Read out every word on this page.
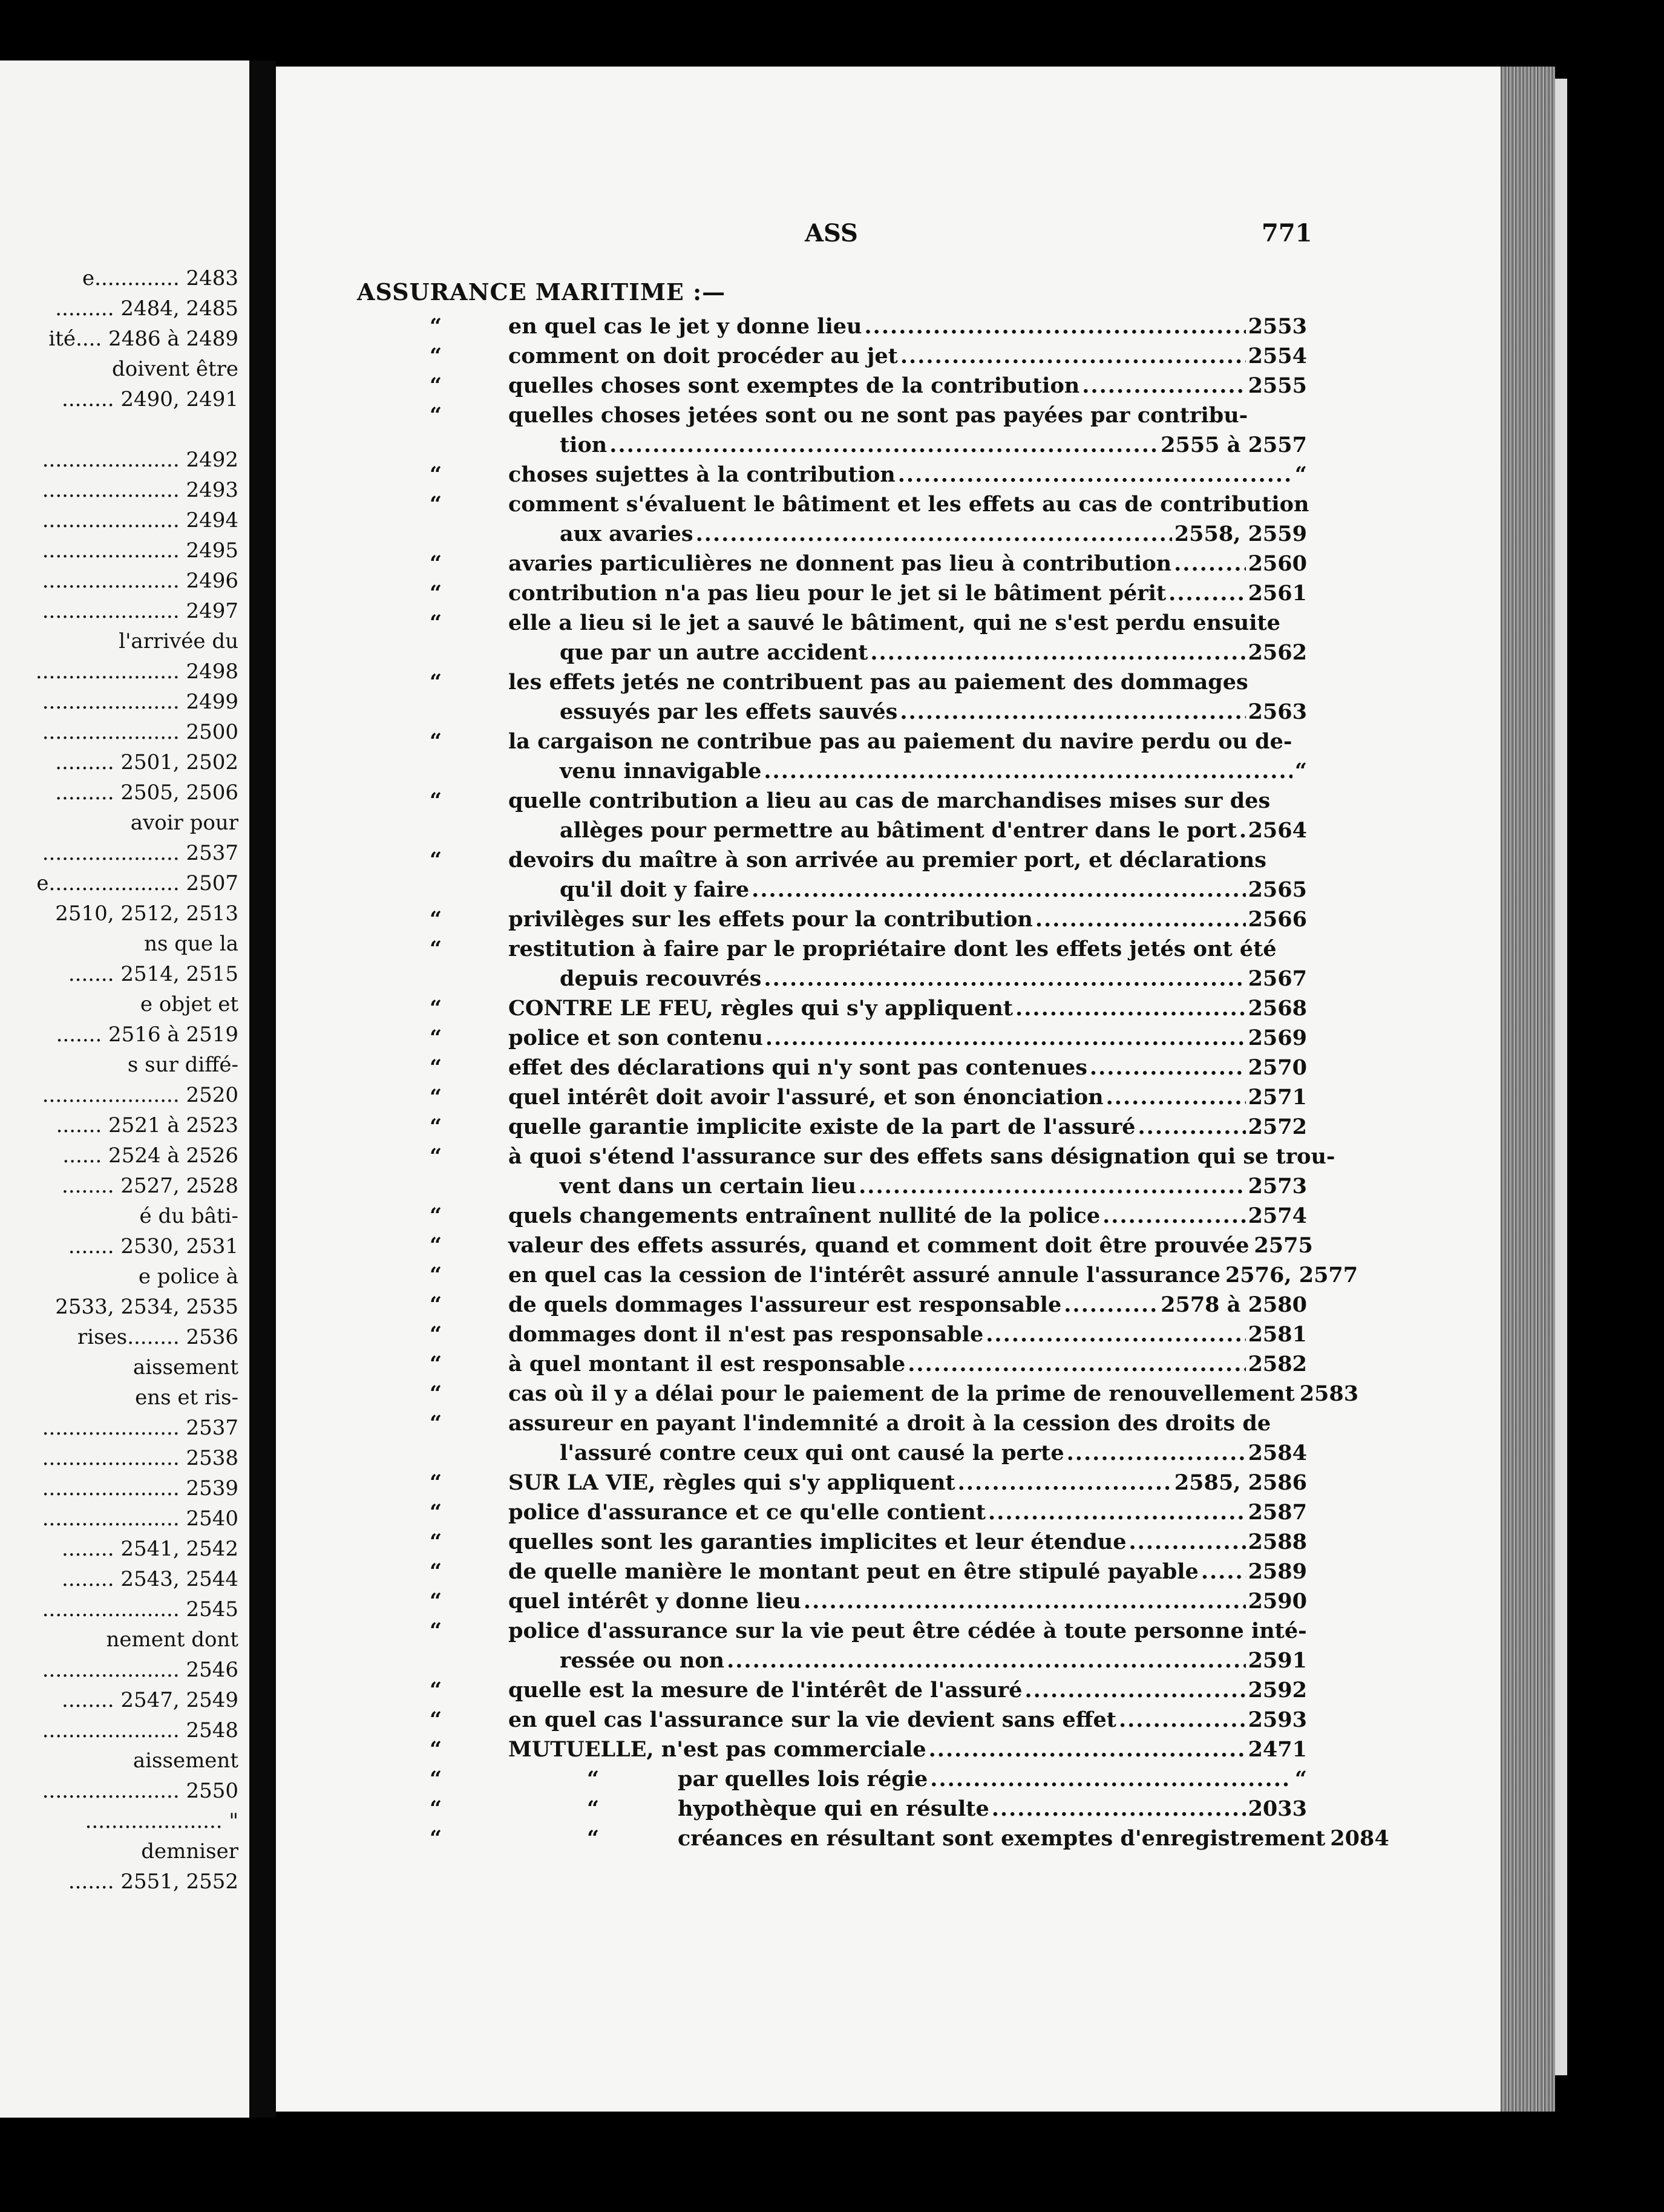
e............. 2483
......... 2484, 2485
ité.... 2486 à 2489
doivent être
........ 2490, 2491
..................... 2492
..................... 2493
..................... 2494
..................... 2495
..................... 2496
..................... 2497
l'arrivée du
...................... 2498
..................... 2499
..................... 2500
......... 2501, 2502
......... 2505, 2506
avoir pour
..................... 2537
e.................... 2507
2510, 2512, 2513
ns que la
....... 2514, 2515
e objet et
....... 2516 à 2519
s sur diffé-
..................... 2520
....... 2521 à 2523
...... 2524 à 2526
........ 2527, 2528
é du bâti-
....... 2530, 2531
e police à
2533, 2534, 2535
rises........ 2536
aissement
ens et ris-
..................... 2537
..................... 2538
..................... 2539
..................... 2540
........ 2541, 2542
........ 2543, 2544
..................... 2545
nement dont
..................... 2546
........ 2547, 2549
..................... 2548
aissement
..................... 2550
..................... "
demniser
....... 2551, 2552
ASS	771
ASSURANCE MARITIME :—
“	en quel cas le jet y donne lieu .....	2553
“	comment on doit procéder au jet .....	2554
“	quelles choses sont exemptes de la contribution .....	2555
“	quelles choses jetées sont ou ne sont pas payées par contribu-
tion .....	2555 à 2557
“	choses sujettes à la contribution .....	“
“	comment s'évaluent le bâtiment et les effets au cas de contribution
aux avaries .....	2558, 2559
“	avaries particulières ne donnent pas lieu à contribution .....	2560
“	contribution n'a pas lieu pour le jet si le bâtiment périt .....	2561
“	elle a lieu si le jet a sauvé le bâtiment, qui ne s'est perdu ensuite
que par un autre accident .....	2562
“	les effets jetés ne contribuent pas au paiement des dommages
essuyés par les effets sauvés .....	2563
“	la cargaison ne contribue pas au paiement du navire perdu ou de-
venu innavigable .....	“
“	quelle contribution a lieu au cas de marchandises mises sur des
allèges pour permettre au bâtiment d'entrer dans le port ..... 2564
“	devoirs du maître à son arrivée au premier port, et déclarations
qu'il doit y faire .....	2565
“	privilèges sur les effets pour la contribution .....	2566
“	restitution à faire par le propriétaire dont les effets jetés ont été
depuis recouvrés .....	2567
“	CONTRE LE FEU, règles qui s'y appliquent .....	2568
“	police et son contenu .....	2569
“	effet des déclarations qui n'y sont pas contenues .....	2570
“	quel intérêt doit avoir l'assuré, et son énonciation .....	2571
“	quelle garantie implicite existe de la part de l'assuré .....	2572
“	à quoi s'étend l'assurance sur des effets sans désignation qui se trou-
vent dans un certain lieu .....	2573
“	quels changements entraînent nullité de la police .....	2574
“	valeur des effets assurés, quand et comment doit être prouvée 2575
“	en quel cas la cession de l'intérêt assuré annule l'assurance 2576, 2577
“	de quels dommages l'assureur est responsable .....	2578 à 2580
“	dommages dont il n'est pas responsable .....	2581
“	à quel montant il est responsable .....	2582
“	cas où il y a délai pour le paiement de la prime de renouvellement 2583
“	assureur en payant l'indemnité a droit à la cession des droits de
l'assuré contre ceux qui ont causé la perte .....	2584
“	SUR LA VIE, règles qui s'y appliquent .....	2585, 2586
“	police d'assurance et ce qu'elle contient .....	2587
“	quelles sont les garanties implicites et leur étendue .....	2588
“	de quelle manière le montant peut en être stipulé payable ..... 2589
“	quel intérêt y donne lieu .....	2590
“	police d'assurance sur la vie peut être cédée à toute personne inté-
ressée ou non .....	2591
“	quelle est la mesure de l'intérêt de l'assuré .....	2592
“	en quel cas l'assurance sur la vie devient sans effet .....	2593
“	MUTUELLE, n'est pas commerciale .....	2471
“	“	par quelles lois régie .....	“
“	“	hypothèque qui en résulte .....	2033
“	“	créances en résultant sont exemptes d'enregistrement 2084
